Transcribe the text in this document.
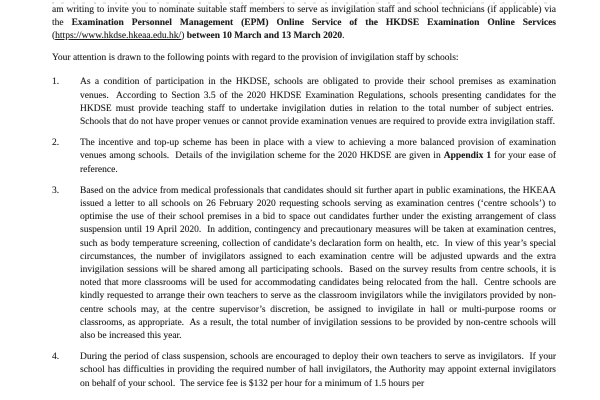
am writing to invite you to nominate suitable staff members to serve as invigilation staff and school technicians (if applicable) via the Examination Personnel Management (EPM) Online Service of the HKDSE Examination Online Services (https://www.hkdse.hkeaa.edu.hk/) between 10 March and 13 March 2020.

Your attention is drawn to the following points with regard to the provision of invigilation staff by schools:

1.	As a condition of participation in the HKDSE, schools are obligated to provide their school premises as examination venues.  According to Section 3.5 of the 2020 HKDSE Examination Regulations, schools presenting candidates for the HKDSE must provide teaching staff to undertake invigilation duties in relation to the total number of subject entries.  Schools that do not have proper venues or cannot provide examination venues are required to provide extra invigilation staff.
2.	The incentive and top-up scheme has been in place with a view to achieving a more balanced provision of examination venues among schools.  Details of the invigilation scheme for the 2020 HKDSE are given in Appendix 1 for your ease of reference.
3.	Based on the advice from medical professionals that candidates should sit further apart in public examinations, the HKEAA issued a letter to all schools on 26 February 2020 requesting schools serving as examination centres (‘centre schools’) to optimise the use of their school premises in a bid to space out candidates further under the existing arrangement of class suspension until 19 April 2020.  In addition, contingency and precautionary measures will be taken at examination centres, such as body temperature screening, collection of candidate’s declaration form on health, etc.  In view of this year’s special circumstances, the number of invigilators assigned to each examination centre will be adjusted upwards and the extra invigilation sessions will be shared among all participating schools.  Based on the survey results from centre schools, it is noted that more classrooms will be used for accommodating candidates being relocated from the hall.  Centre schools are kindly requested to arrange their own teachers to serve as the classroom invigilators while the invigilators provided by non-centre schools may, at the centre supervisor’s discretion, be assigned to invigilate in hall or multi-purpose rooms or classrooms, as appropriate.  As a result, the total number of invigilation sessions to be provided by non-centre schools will also be increased this year.
4.	During the period of class suspension, schools are encouraged to deploy their own teachers to serve as invigilators.  If your school has difficulties in providing the required number of hall invigilators, the Authority may appoint external invigilators on behalf of your school.  The service fee is $132 per hour for a minimum of 1.5 hours per
